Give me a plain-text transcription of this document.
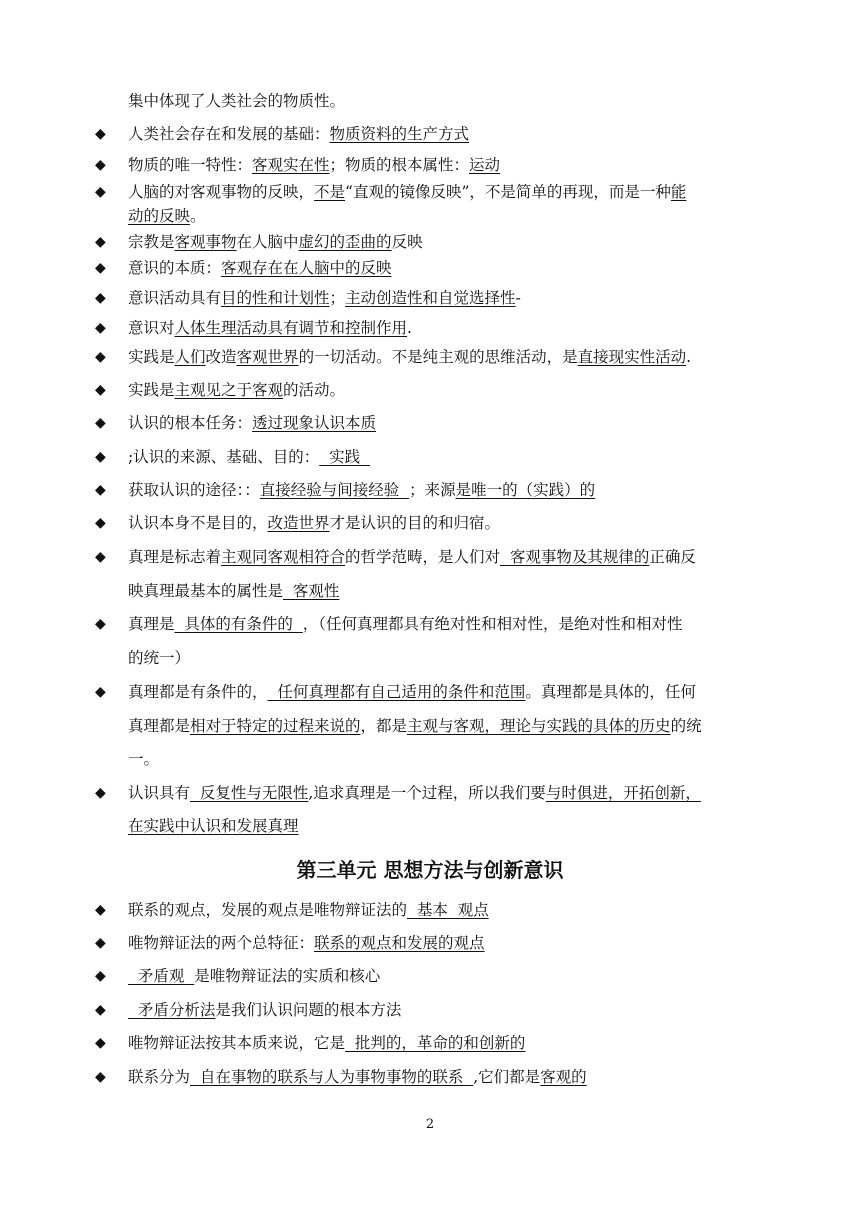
集中体现了人类社会的物质性。
◆ 人类社会存在和发展的基础：物质资料的生产方式
◆ 物质的唯一特性：客观实在性；物质的根本属性：运动
◆ 人脑的对客观事物的反映，不是“直观的镜像反映”，不是简单的再现，而是一种能
动的反映。
◆ 宗教是客观事物在人脑中虚幻的歪曲的反映
◆ 意识的本质：客观存在在人脑中的反映
◆ 意识活动具有目的性和计划性；主动创造性和自觉选择性-
◆ 意识对人体生理活动具有调节和控制作用.
◆ 实践是人们改造客观世界的一切活动。不是纯主观的思维活动，是直接现实性活动.
◆ 实践是主观见之于客观的活动。
◆ 认识的根本任务：透过现象认识本质
◆ ;认识的来源、基础、目的：  实践
◆ 获取认识的途径：：直接经验与间接经验  ；来源是唯一的（实践）的
◆ 认识本身不是目的，改造世界才是认识的目的和归宿。
◆ 真理是标志着主观同客观相符合的哲学范畴，是人们对  客观事物及其规律的正确反
映真理最基本的属性是  客观性
◆ 真理是  具体的有条件的  ，（任何真理都具有绝对性和相对性，是绝对性和相对性
的统一）
◆ 真理都是有条件的，  任何真理都有自己适用的条件和范围。真理都是具体的，任何
真理都是相对于特定的过程来说的，都是主观与客观，理论与实践的具体的历史的统
一。
◆ 认识具有  反复性与无限性,追求真理是一个过程，所以我们要与时俱进，开拓创新，
在实践中认识和发展真理
第三单元 思想方法与创新意识
◆ 联系的观点，发展的观点是唯物辩证法的  基本  观点
◆ 唯物辩证法的两个总特征：联系的观点和发展的观点
◆ 矛盾观  是唯物辩证法的实质和核心
◆ 矛盾分析法是我们认识问题的根本方法
◆ 唯物辩证法按其本质来说，它是  批判的，革命的和创新的
◆ 联系分为  自在事物的联系与人为事物事物的联系  ,它们都是客观的
2
